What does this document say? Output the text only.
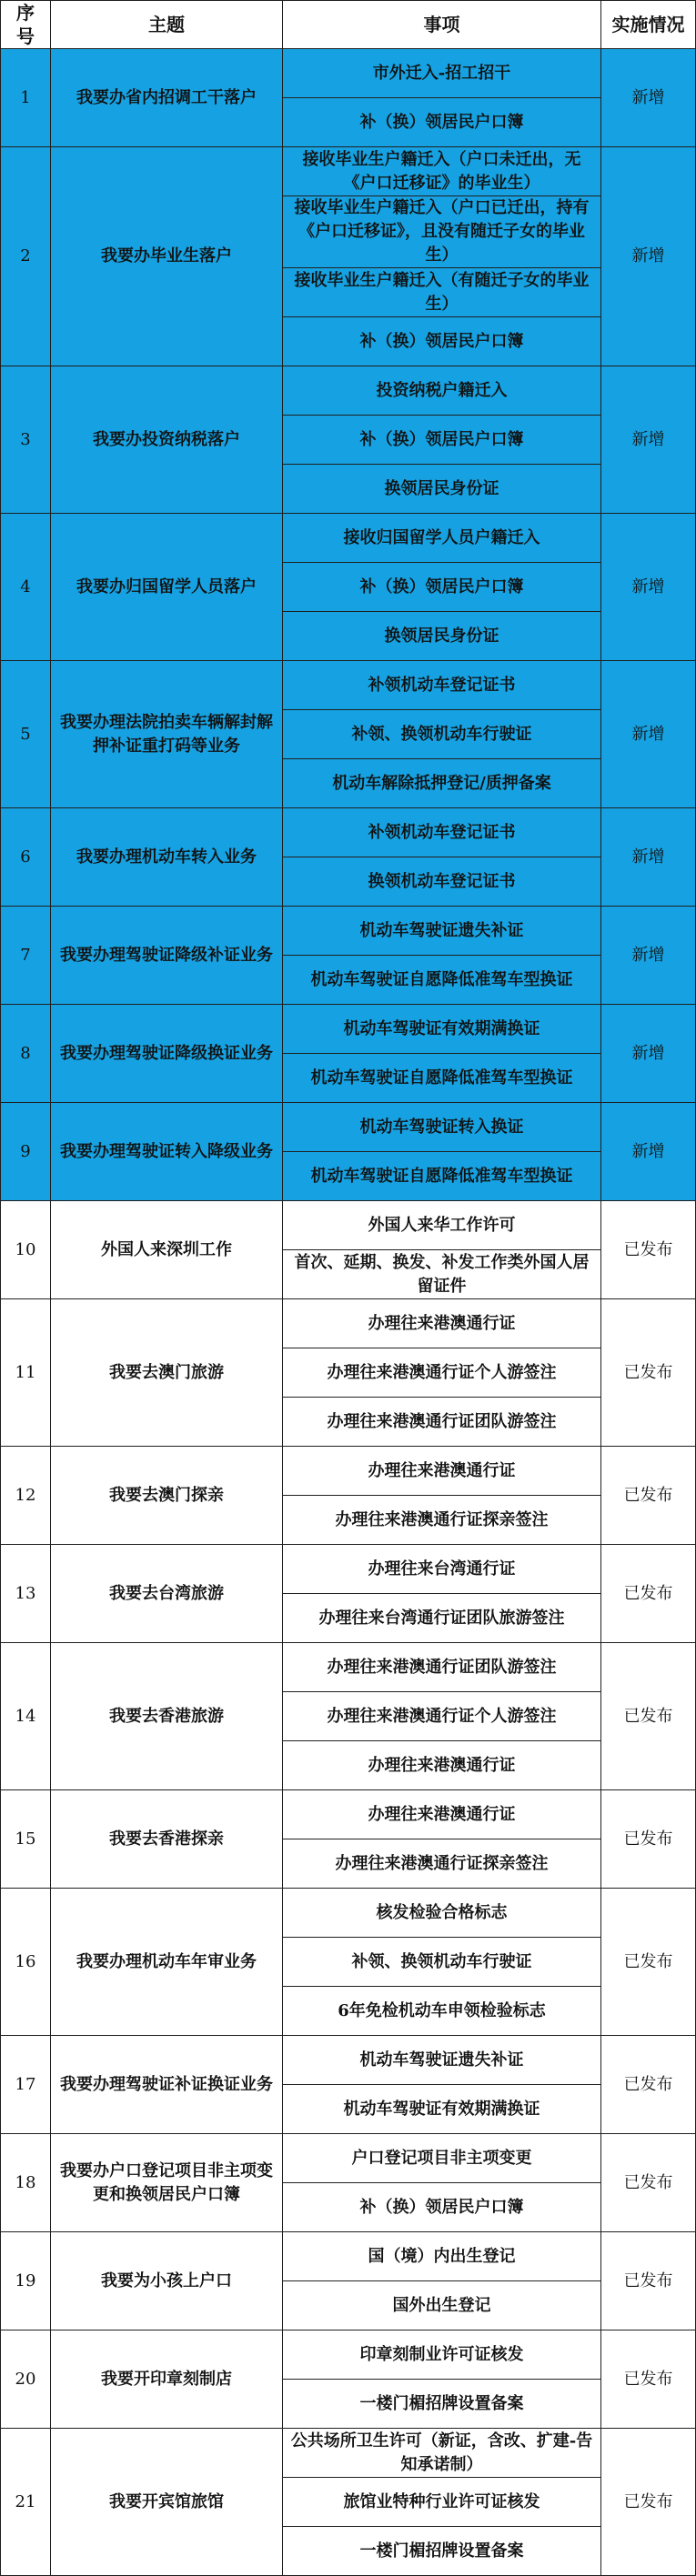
序号	主题	事项	实施情况
1	我要办省内招调工干落户	市外迁入-招工招干	新增
		补（换）领居民户口簿	
2	我要办毕业生落户	接收毕业生户籍迁入（户口未迁出，无《户口迁移证》的毕业生）	新增
		接收毕业生户籍迁入（户口已迁出，持有《户口迁移证》，且没有随迁子女的毕业生）	
		接收毕业生户籍迁入（有随迁子女的毕业生）	
		补（换）领居民户口簿	
3	我要办投资纳税落户	投资纳税户籍迁入	新增
		补（换）领居民户口簿	
		换领居民身份证	
4	我要办归国留学人员落户	接收归国留学人员户籍迁入	新增
		补（换）领居民户口簿	
		换领居民身份证	
5	我要办理法院拍卖车辆解封解押补证重打码等业务	补领机动车登记证书	新增
		补领、换领机动车行驶证	
		机动车解除抵押登记/质押备案	
6	我要办理机动车转入业务	补领机动车登记证书	新增
		换领机动车登记证书	
7	我要办理驾驶证降级补证业务	机动车驾驶证遗失补证	新增
		机动车驾驶证自愿降低准驾车型换证	
8	我要办理驾驶证降级换证业务	机动车驾驶证有效期满换证	新增
		机动车驾驶证自愿降低准驾车型换证	
9	我要办理驾驶证转入降级业务	机动车驾驶证转入换证	新增
		机动车驾驶证自愿降低准驾车型换证	
10	外国人来深圳工作	外国人来华工作许可	已发布
		首次、延期、换发、补发工作类外国人居留证件	
11	我要去澳门旅游	办理往来港澳通行证	已发布
		办理往来港澳通行证个人游签注	
		办理往来港澳通行证团队游签注	
12	我要去澳门探亲	办理往来港澳通行证	已发布
		办理往来港澳通行证探亲签注	
13	我要去台湾旅游	办理往来台湾通行证	已发布
		办理往来台湾通行证团队旅游签注	
14	我要去香港旅游	办理往来港澳通行证团队游签注	已发布
		办理往来港澳通行证个人游签注	
		办理往来港澳通行证	
15	我要去香港探亲	办理往来港澳通行证	已发布
		办理往来港澳通行证探亲签注	
16	我要办理机动车年审业务	核发检验合格标志	已发布
		补领、换领机动车行驶证	
		6年免检机动车申领检验标志	
17	我要办理驾驶证补证换证业务	机动车驾驶证遗失补证	已发布
		机动车驾驶证有效期满换证	
18	我要办户口登记项目非主项变更和换领居民户口簿	户口登记项目非主项变更	已发布
		补（换）领居民户口簿	
19	我要为小孩上户口	国（境）内出生登记	已发布
		国外出生登记	
20	我要开印章刻制店	印章刻制业许可证核发	已发布
		一楼门楣招牌设置备案	
21	我要开宾馆旅馆	公共场所卫生许可（新证，含改、扩建-告知承诺制）	已发布
		旅馆业特种行业许可证核发	
		一楼门楣招牌设置备案	
